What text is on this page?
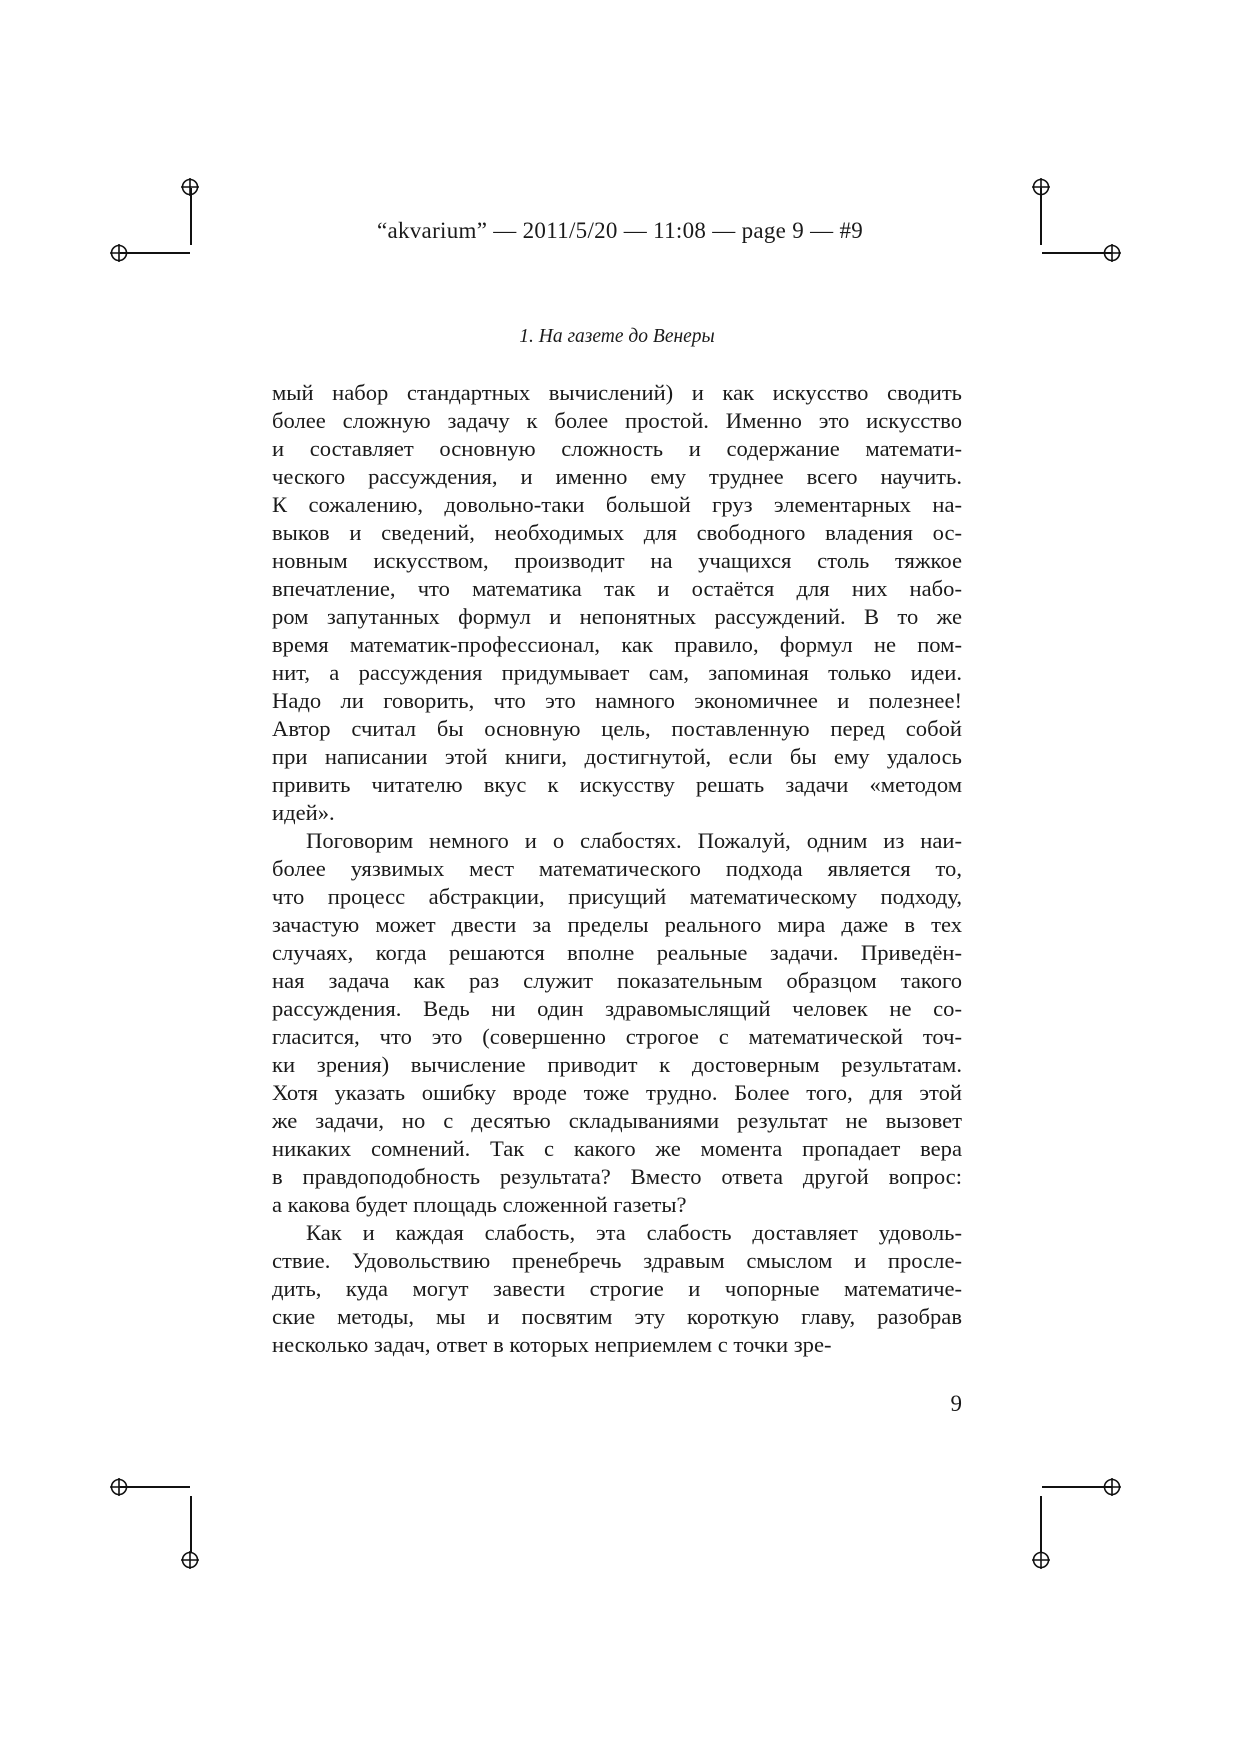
“akvarium” — 2011/5/20 — 11:08 — page 9 — #9
1. На газете до Венеры
мый набор стандартных вычислений) и как искусство сводить
более сложную задачу к более простой. Именно это искусство
и составляет основную сложность и содержание математи-
ческого рассуждения, и именно ему труднее всего научить.
К сожалению, довольно-таки большой груз элементарных на-
выков и сведений, необходимых для свободного владения ос-
новным искусством, производит на учащихся столь тяжкое
впечатление, что математика так и остаётся для них набо-
ром запутанных формул и непонятных рассуждений. В то же
время математик-профессионал, как правило, формул не пом-
нит, а рассуждения придумывает сам, запоминая только идеи.
Надо ли говорить, что это намного экономичнее и полезнее!
Автор считал бы основную цель, поставленную перед собой
при написании этой книги, достигнутой, если бы ему удалось
привить читателю вкус к искусству решать задачи «методом
идей».
Поговорим немного и о слабостях. Пожалуй, одним из наи-
более уязвимых мест математического подхода является то,
что процесс абстракции, присущий математическому подходу,
зачастую может двести за пределы реального мира даже в тех
случаях, когда решаются вполне реальные задачи. Приведён-
ная задача как раз служит показательным образцом такого
рассуждения. Ведь ни один здравомыслящий человек не со-
гласится, что это (совершенно строгое с математической точ-
ки зрения) вычисление приводит к достоверным результатам.
Хотя указать ошибку вроде тоже трудно. Более того, для этой
же задачи, но с десятью складываниями результат не вызовет
никаких сомнений. Так с какого же момента пропадает вера
в правдоподобность результата? Вместо ответа другой вопрос:
а какова будет площадь сложенной газеты?
Как и каждая слабость, эта слабость доставляет удоволь-
ствие. Удовольствию пренебречь здравым смыслом и просле-
дить, куда могут завести строгие и чопорные математиче-
ские методы, мы и посвятим эту короткую главу, разобрав
несколько задач, ответ в которых неприемлем с точки зре-
9
